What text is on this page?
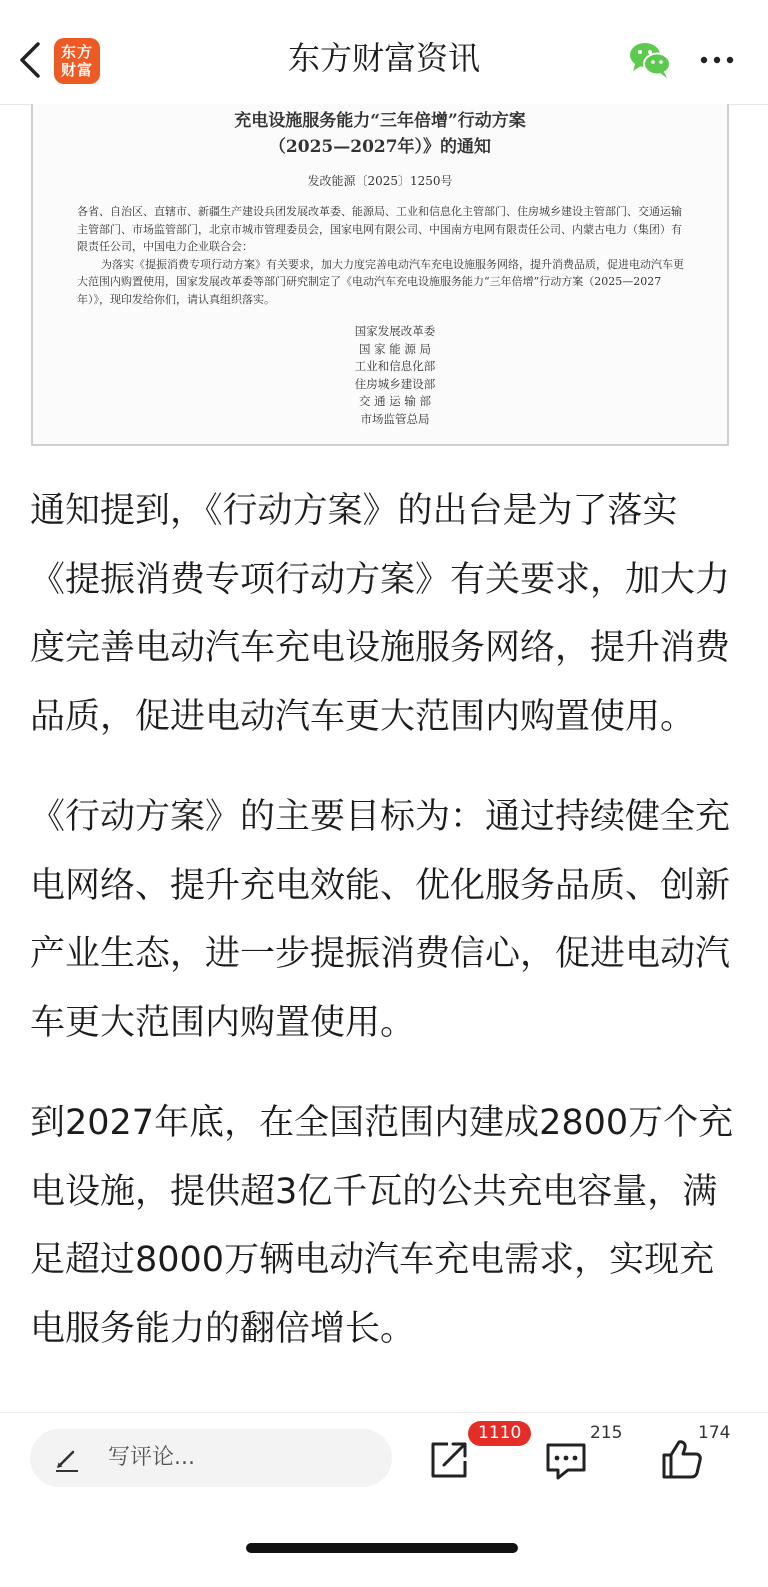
东方
财富	东方财富资讯
充电设施服务能力“三年倍增”行动方案
（2025—2027年）》的通知
发改能源〔2025〕1250号
各省、自治区、直辖市、新疆生产建设兵团发展改革委、能源局、工业和信息化主管部门、住房城乡建设主管部门、交通运输主管部门、市场监管部门，北京市城市管理委员会，国家电网有限公司、中国南方电网有限责任公司、内蒙古电力（集团）有限责任公司，中国电力企业联合会：
为落实《提振消费专项行动方案》有关要求，加大力度完善电动汽车充电设施服务网络，提升消费品质，促进电动汽车更大范围内购置使用，国家发展改革委等部门研究制定了《电动汽车充电设施服务能力“三年倍增”行动方案（2025—2027年）》，现印发给你们，请认真组织落实。
国家发展改革委
国 家 能 源 局
工业和信息化部
住房城乡建设部
交 通 运 输 部
市场监管总局

通知提到，《行动方案》的出台是为了落实《提振消费专项行动方案》有关要求，加大力度完善电动汽车充电设施服务网络，提升消费品质，促进电动汽车更大范围内购置使用。

《行动方案》的主要目标为：通过持续健全充电网络、提升充电效能、优化服务品质、创新产业生态，进一步提振消费信心，促进电动汽车更大范围内购置使用。

到2027年底，在全国范围内建成2800万个充电设施，提供超3亿千瓦的公共充电容量，满足超过8000万辆电动汽车充电需求，实现充电服务能力的翻倍增长。

写评论...
1110	215	174
